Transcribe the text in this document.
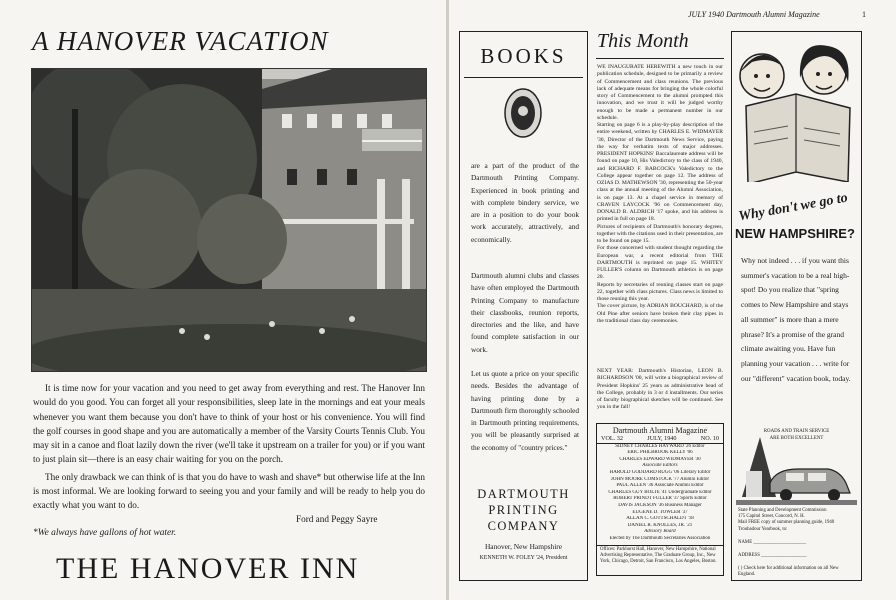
A HANOVER VACATION

It is time now for your vacation and you need to get away from everything and rest. The Hanover Inn would do you good. You can forget all your responsibilities, sleep late in the mornings and eat your meals whenever you want them because you don't have to think of your host or his convenience. You will find the golf courses in good shape and you are automatically a member of the Varsity Courts Tennis Club. You may sit in a canoe and float lazily down the river (we'll take it upstream on a trailer for you) or if you want to just plain sit—there is an easy chair waiting for you on the porch.

The only drawback we can think of is that you do have to wash and shave* but otherwise life at the Inn is most informal. We are looking forward to seeing you and your family and will be ready to help you do exactly what you want to do.

Ford and Peggy Sayre
*We always have gallons of hot water.
THE HANOVER INN
JULY 1940 Dartmouth Alumni Magazine	1
BOOKS

are a part of the product of the Dartmouth Printing Company. Experienced in book printing and with complete bindery service, we are in a position to do your book work accurately, attractively, and economically.

Dartmouth alumni clubs and classes have often employed the Dartmouth Printing Company to manufacture their classbooks, reunion reports, directories and the like, and have found complete satisfaction in our work.

Let us quote a price on your specific needs. Besides the advantage of having printing done by a Dartmouth firm thoroughly schooled in Dartmouth printing requirements, you will be pleasantly surprised at the economy of "country prices."

DARTMOUTH
PRINTING
COMPANY
Hanover, New Hampshire
KENNETH W. FOLEY '24, President
This Month

WE INAUGURATE HEREWITH a new touch in our publication schedule, designed to be primarily a review of Commencement and class reunions. The previous lack of adequate means for bringing the whole colorful story of Commencement to the alumni prompted this innovation, and we trust it will be judged worthy enough to be made a permanent number in our schedule.

Starting on page 6 is a play-by-play description of the entire weekend, written by CHARLES E. WIDMAYER '30, Director of the Dartmouth News Service, paying the way for verbatim texts of major addresses. PRESIDENT HOPKINS' Baccalaureate address will be found on page 10, His Valedictory to the class of 1940, and RICHARD F. BABCOCK's Valedictory to the College appear together on page 12. The address of OZIAS D. MATHEWSON '30, representing the 50-year class at the annual meeting of the Alumni Association, is on page 13. At a chapel service in memory of CRAVEN LAYCOCK '96 on Commencement day, DONALD B. ALDRICH '17 spoke, and his address is printed in full on page 18.

Pictures of recipients of Dartmouth's honorary degrees, together with the citations used in their presentation, are to be found on page 15.

For those concerned with student thought regarding the European war, a recent editorial from THE DARTMOUTH is reprinted on page 15. WHITEY FULLER'S column on Dartmouth athletics is on page 20.

Reports by secretaries of reuning classes start on page 22, together with class pictures. Class news is limited to those reuning this year.

The cover picture, by ADRIAN BOUCHARD, is of the Old Pine after seniors have broken their clay pipes in the traditional class day ceremonies.

NEXT YEAR: Dartmouth's Historian, LEON B. RICHARDSON '00, will write a biographical review of President Hopkins' 25 years as administrative head of the College, probably in 3 or 4 installments. Our series of faculty biographical sketches will be continued. See you in the fall!

Dartmouth Alumni Magazine
VOL. 32	JULY, 1940	NO. 10
SIDNEY CHARLES HAYWARD '26 Editor
ERIC PHILBROOK KELLY '06
CHARLES EDWARD WIDMAYER '30
Associate Editors
HAROLD GODDARD RUGG '06 Literary Editor
JOHN MOORE COMSTOCK '77 Alumni Editor
PAUL ALLEN '36 Associate Alumni Editor
CHARLES GUY BOLTE '41 Undergraduate Editor
ROBERT PRINDT FULLER '37 Sports Editor
DAVIS JACKSON '36 Business Manager
EUGENE D. TOWLER '37
ALLAN C. GOTTSCHALDT '18
DANIEL R. KNOLLES, JR. '21
Advisory Board
Elected by The Dartmouth Secretaries Association
Offices: Parkhurst Hall, Hanover, New Hampshire, National Advertising Representative, The Graduate Group, Inc., New York, Chicago, Detroit, San Francisco, Los Angeles, Boston.
Why don't we go to
NEW HAMPSHIRE?
Why not indeed . . . if you want this summer's vacation to be a real high-spot! Do you realize that "spring comes to New Hampshire and stays all summer" is more than a mere phrase? It's a promise of the grand climate awaiting you. Have fun planning your vacation . . . write for our "different" vacation book, today.
ROADS AND TRAIN SERVICE
ARE BOTH EXCELLENT
State Planning and Development Commission
175 Capitol Street, Concord, N. H.
Mail FREE copy of summer planning guide, 1940 Troubadour Yearbook, to:
NAME ______________________
ADDRESS ___________________
( ) Check here for additional information on all New England.
